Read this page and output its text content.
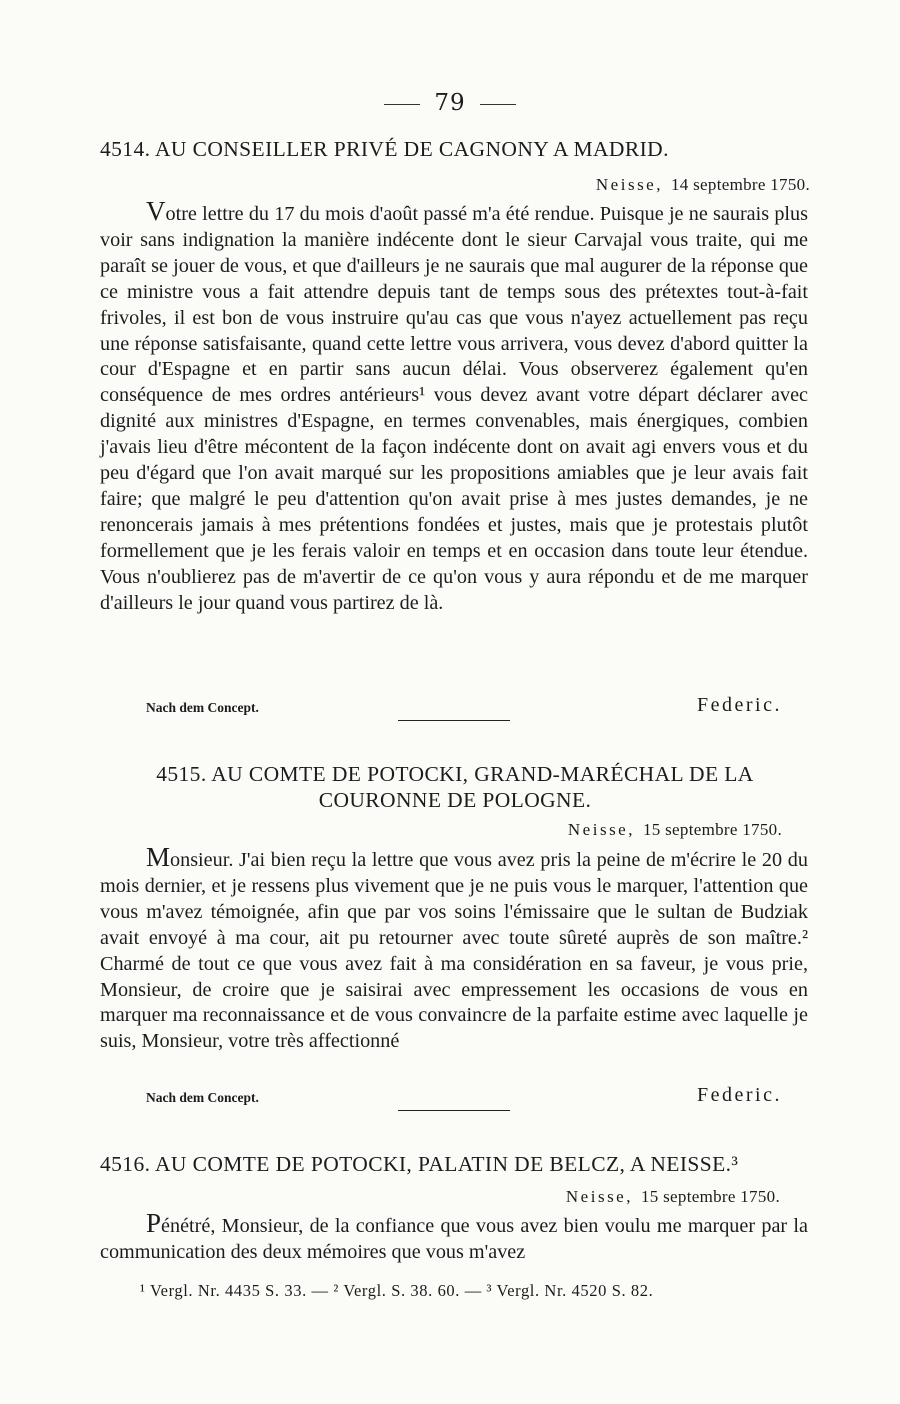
79
4514. AU CONSEILLER PRIVÉ DE CAGNONY A MADRID.
Neisse, 14 septembre 1750.

Votre lettre du 17 du mois d'août passé m'a été rendue. Puisque je ne saurais plus voir sans indignation la manière indécente dont le sieur Carvajal vous traite, qui me paraît se jouer de vous, et que d'ailleurs je ne saurais que mal augurer de la réponse que ce ministre vous a fait attendre depuis tant de temps sous des prétextes tout-à-fait frivoles, il est bon de vous instruire qu'au cas que vous n'ayez actuellement pas reçu une réponse satisfaisante, quand cette lettre vous arrivera, vous devez d'abord quitter la cour d'Espagne et en partir sans aucun délai. Vous observerez également qu'en conséquence de mes ordres antérieurs¹ vous devez avant votre départ déclarer avec dignité aux ministres d'Espagne, en termes convenables, mais énergiques, combien j'avais lieu d'être mécontent de la façon indécente dont on avait agi envers vous et du peu d'égard que l'on avait marqué sur les propositions amiables que je leur avais fait faire; que malgré le peu d'attention qu'on avait prise à mes justes demandes, je ne renoncerais jamais à mes prétentions fondées et justes, mais que je protestais plutôt formellement que je les ferais valoir en temps et en occasion dans toute leur étendue. Vous n'oublierez pas de m'avertir de ce qu'on vous y aura répondu et de me marquer d'ailleurs le jour quand vous partirez de là.

Nach dem Concept.	Federic.
4515. AU COMTE DE POTOCKI, GRAND-MARÉCHAL DE LA COURONNE DE POLOGNE.
Neisse, 15 septembre 1750.

Monsieur. J'ai bien reçu la lettre que vous avez pris la peine de m'écrire le 20 du mois dernier, et je ressens plus vivement que je ne puis vous le marquer, l'attention que vous m'avez témoignée, afin que par vos soins l'émissaire que le sultan de Budziak avait envoyé à ma cour, ait pu retourner avec toute sûreté auprès de son maître.² Charmé de tout ce que vous avez fait à ma considération en sa faveur, je vous prie, Monsieur, de croire que je saisirai avec empressement les occasions de vous en marquer ma reconnaissance et de vous convaincre de la parfaite estime avec laquelle je suis, Monsieur, votre très affectionné

Nach dem Concept.	Federic.
4516. AU COMTE DE POTOCKI, PALATIN DE BELCZ, A NEISSE.³
Neisse, 15 septembre 1750.

Pénétré, Monsieur, de la confiance que vous avez bien voulu me marquer par la communication des deux mémoires que vous m'avez

¹ Vergl. Nr. 4435 S. 33. — ² Vergl. S. 38. 60. — ³ Vergl. Nr. 4520 S. 82.
